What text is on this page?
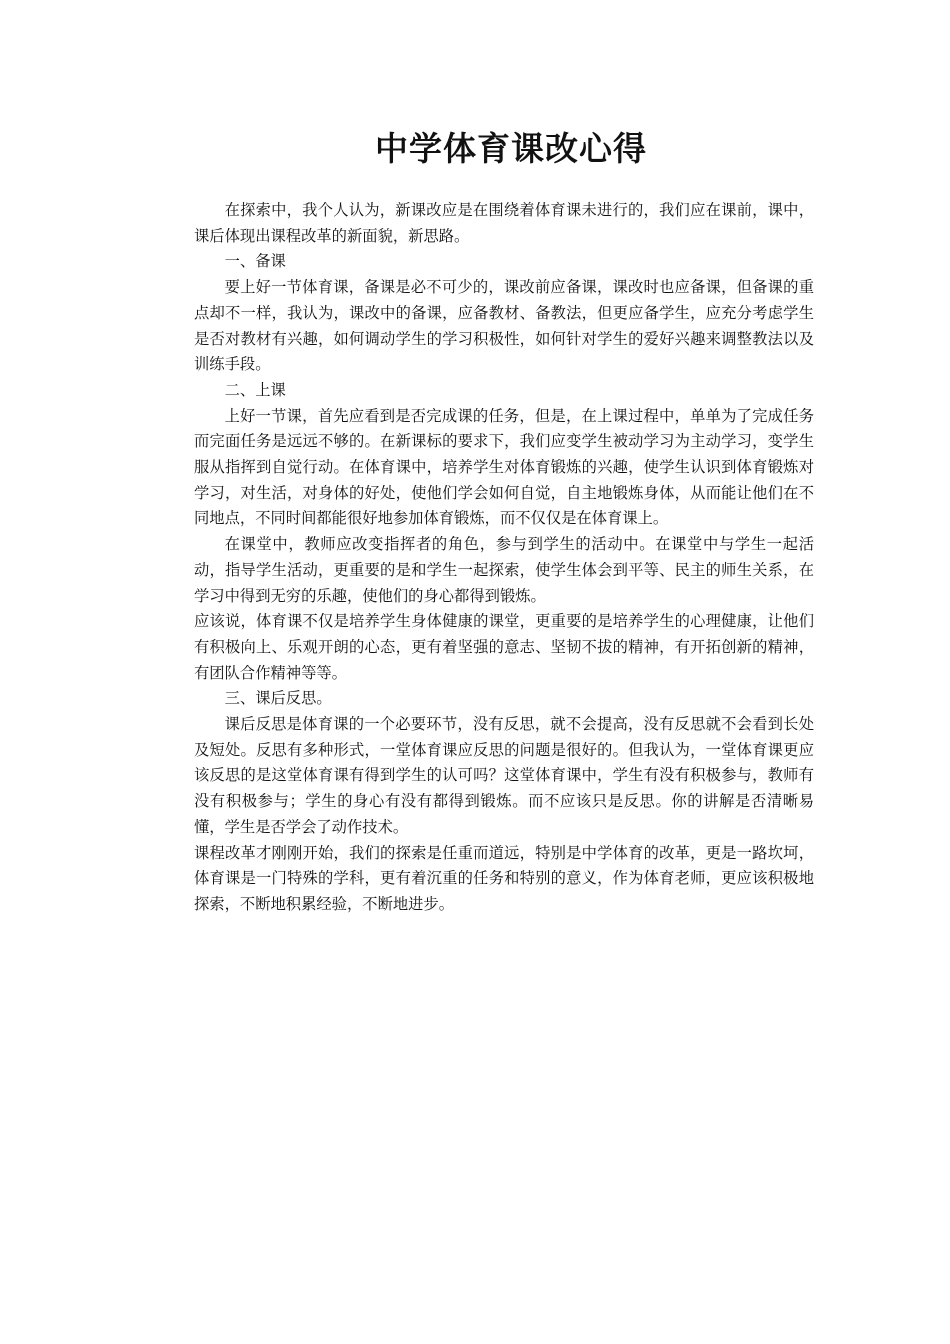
中学体育课改心得

在探索中，我个人认为，新课改应是在围绕着体育课未进行的，我们应在课前，课中，课后体现出课程改革的新面貌，新思路。

一、备课

要上好一节体育课，备课是必不可少的，课改前应备课，课改时也应备课，但备课的重点却不一样，我认为，课改中的备课，应备教材、备教法，但更应备学生，应充分考虑学生是否对教材有兴趣，如何调动学生的学习积极性，如何针对学生的爱好兴趣来调整教法以及训练手段。

二、上课

上好一节课，首先应看到是否完成课的任务，但是，在上课过程中，单单为了完成任务而完面任务是远远不够的。在新课标的要求下，我们应变学生被动学习为主动学习，变学生服从指挥到自觉行动。在体育课中，培养学生对体育锻炼的兴趣，使学生认识到体育锻炼对学习，对生活，对身体的好处，使他们学会如何自觉，自主地锻炼身体，从而能让他们在不同地点，不同时间都能很好地参加体育锻炼，而不仅仅是在体育课上。

在课堂中，教师应改变指挥者的角色，参与到学生的活动中。在课堂中与学生一起活动，指导学生活动，更重要的是和学生一起探索，使学生体会到平等、民主的师生关系，在学习中得到无穷的乐趣，使他们的身心都得到锻炼。

应该说，体育课不仅是培养学生身体健康的课堂，更重要的是培养学生的心理健康，让他们有积极向上、乐观开朗的心态，更有着坚强的意志、坚韧不拔的精神，有开拓创新的精神，有团队合作精神等等。

三、课后反思。

课后反思是体育课的一个必要环节，没有反思，就不会提高，没有反思就不会看到长处及短处。反思有多种形式，一堂体育课应反思的问题是很好的。但我认为，一堂体育课更应该反思的是这堂体育课有得到学生的认可吗？这堂体育课中，学生有没有积极参与，教师有没有积极参与；学生的身心有没有都得到锻炼。而不应该只是反思。你的讲解是否清晰易懂，学生是否学会了动作技术。

课程改革才刚刚开始，我们的探索是任重而道远，特别是中学体育的改革，更是一路坎坷，体育课是一门特殊的学科，更有着沉重的任务和特别的意义，作为体育老师，更应该积极地探索，不断地积累经验，不断地进步。
